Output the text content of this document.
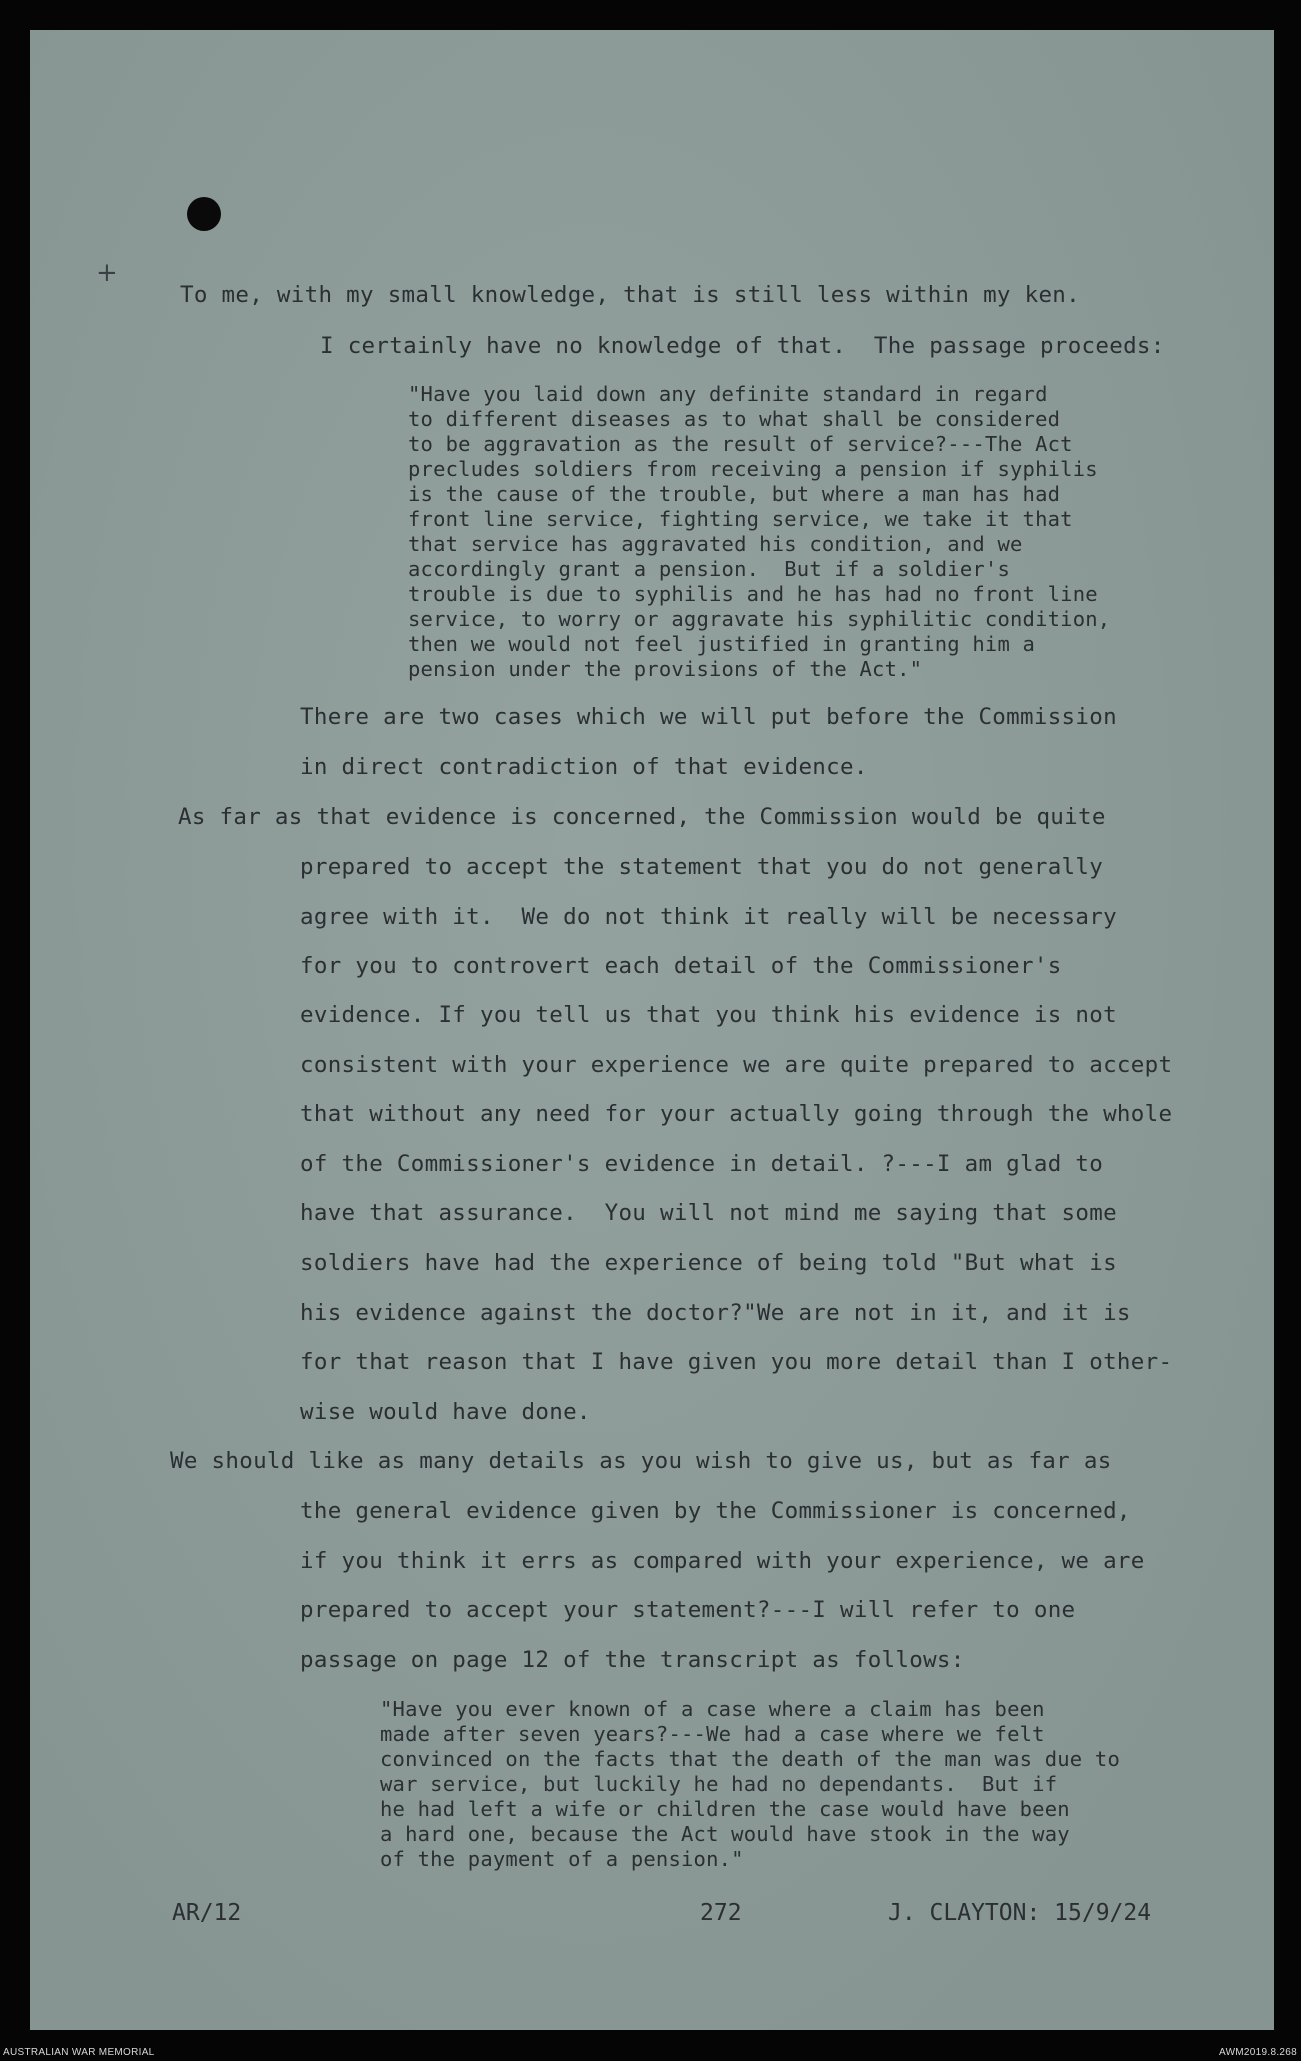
+
To me, with my small knowledge, that is still less within my ken.
I certainly have no knowledge of that.  The passage proceeds:
"Have you laid down any definite standard in regard
to different diseases as to what shall be considered
to be aggravation as the result of service?---The Act
precludes soldiers from receiving a pension if syphilis
is the cause of the trouble, but where a man has had
front line service, fighting service, we take it that
that service has aggravated his condition, and we
accordingly grant a pension.  But if a soldier's
trouble is due to syphilis and he has had no front line
service, to worry or aggravate his syphilitic condition,
then we would not feel justified in granting him a
pension under the provisions of the Act."
There are two cases which we will put before the Commission
in direct contradiction of that evidence.
As far as that evidence is concerned, the Commission would be quite
prepared to accept the statement that you do not generally
agree with it.  We do not think it really will be necessary
for you to controvert each detail of the Commissioner's
evidence. If you tell us that you think his evidence is not
consistent with your experience we are quite prepared to accept
that without any need for your actually going through the whole
of the Commissioner's evidence in detail. ?---I am glad to
have that assurance.  You will not mind me saying that some
soldiers have had the experience of being told "But what is
his evidence against the doctor?"We are not in it, and it is
for that reason that I have given you more detail than I other-
wise would have done.
We should like as many details as you wish to give us, but as far as
the general evidence given by the Commissioner is concerned,
if you think it errs as compared with your experience, we are
prepared to accept your statement?---I will refer to one
passage on page 12 of the transcript as follows:
"Have you ever known of a case where a claim has been
made after seven years?---We had a case where we felt
convinced on the facts that the death of the man was due to
war service, but luckily he had no dependants.  But if
he had left a wife or children the case would have been
a hard one, because the Act would have stook in the way
of the payment of a pension."
AR/12	272	J. CLAYTON: 15/9/24
AUSTRALIAN WAR MEMORIAL	AWM2019.8.268
